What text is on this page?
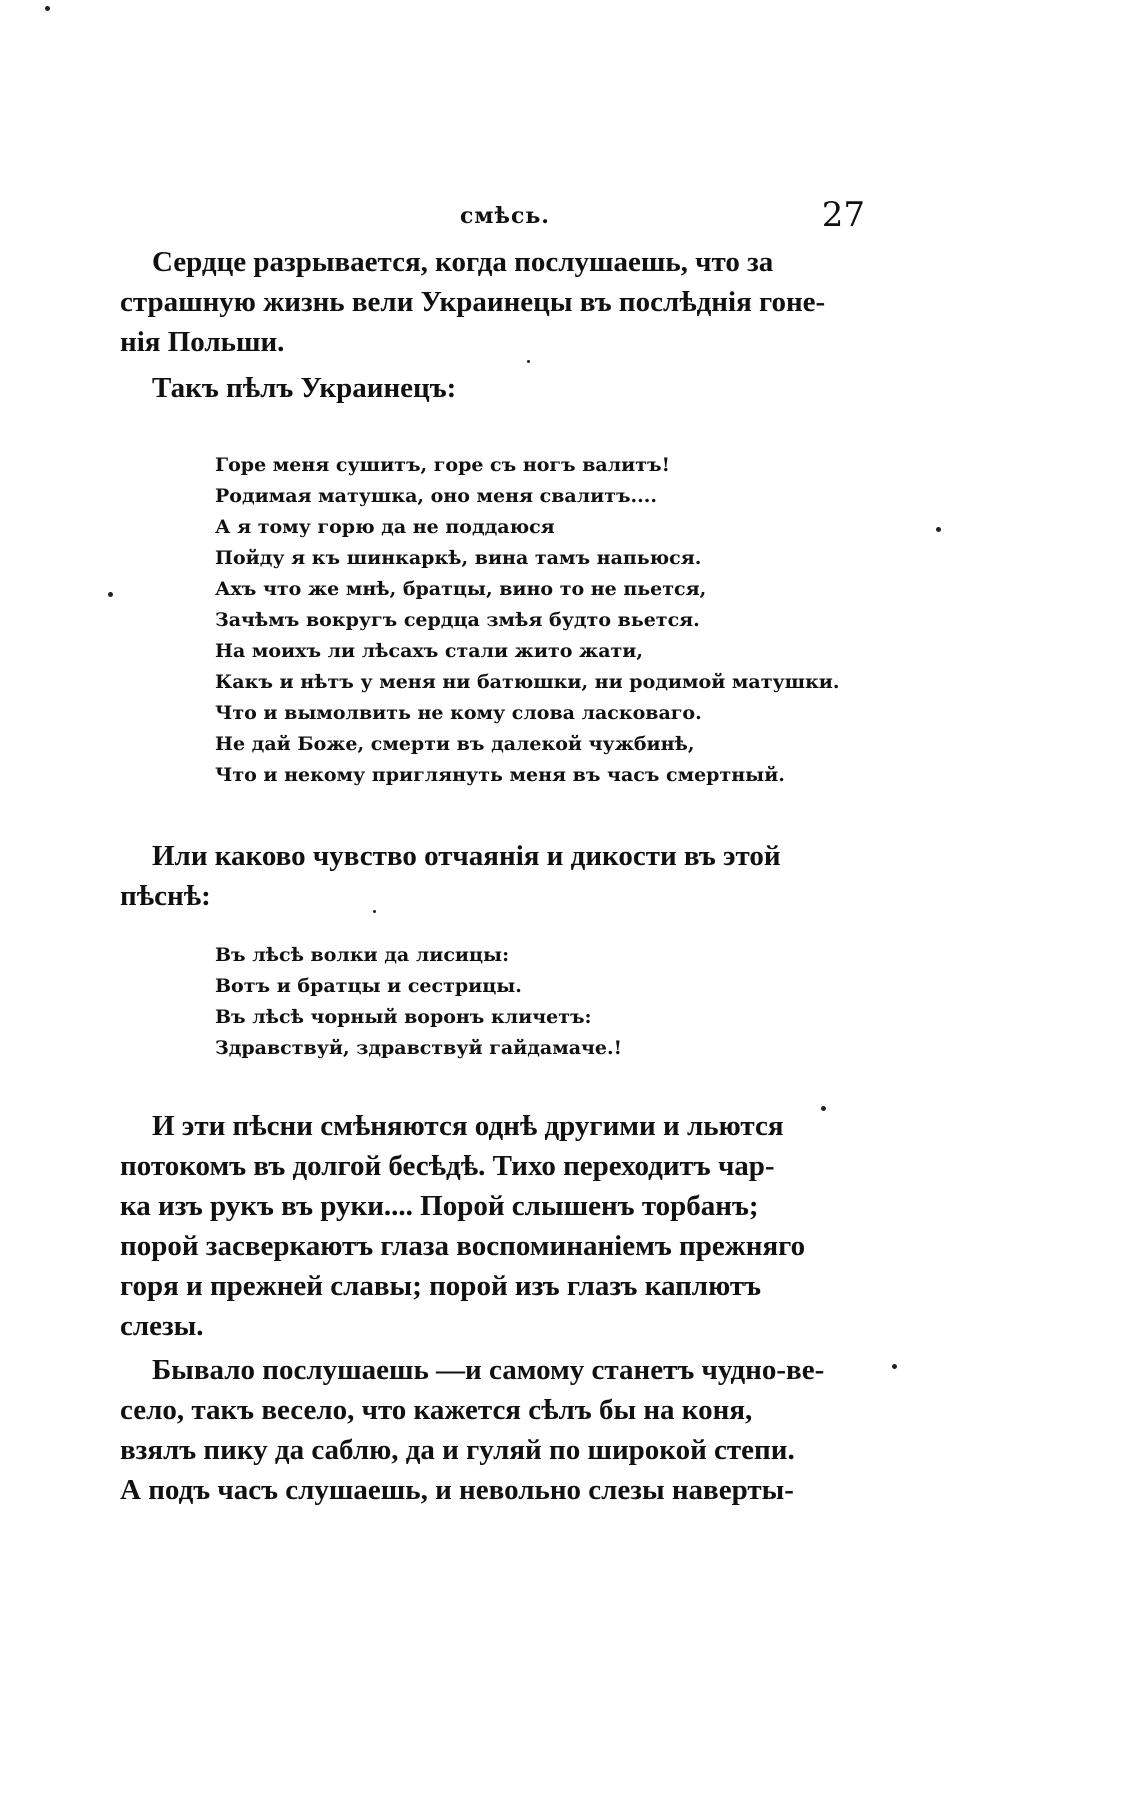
смѣсь.	27
Сердце разрывается, когда послушаешь, что за
страшную жизнь вели Украинецы въ послѣднія гоне-
нія Польши.
Такъ пѣлъ Украинецъ:
Горе меня сушитъ, горе съ ногъ валитъ!
Родимая матушка, оно меня свалитъ....
А я тому горю да не поддаюся
Пойду я къ шинкаркѣ, вина тамъ напьюся.
Ахъ что же мнѣ, братцы, вино то не пьется,
Зачѣмъ вокругъ сердца змѣя будто вьется.
На моихъ ли лѣсахъ стали жито жати,
Какъ и нѣтъ у меня ни батюшки, ни родимой матушки.
Что и вымолвить не кому слова ласковаго.
Не дай Боже, смерти въ далекой чужбинѣ,
Что и некому приглянуть меня въ часъ смертный.
Или каково чувство отчаянія и дикости въ этой
пѣснѣ:
Въ лѣсѣ волки да лисицы:
Вотъ и братцы и сестрицы.
Въ лѣсѣ чорный воронъ кличетъ:
Здравствуй, здравствуй гайдамаче.!
И эти пѣсни смѣняются однѣ другими и льются
потокомъ въ долгой бесѣдѣ. Тихо переходитъ чар-
ка изъ рукъ въ руки.... Порой слышенъ торбанъ;
порой засверкаютъ глаза воспоминаніемъ прежняго
горя и прежней славы; порой изъ глазъ каплютъ
слезы.
Бывало послушаешь —и самому станетъ чудно-ве-
село, такъ весело, что кажется сѣлъ бы на коня,
взялъ пику да саблю, да и гуляй по широкой степи.
А подъ часъ слушаешь, и невольно слезы наверты-
